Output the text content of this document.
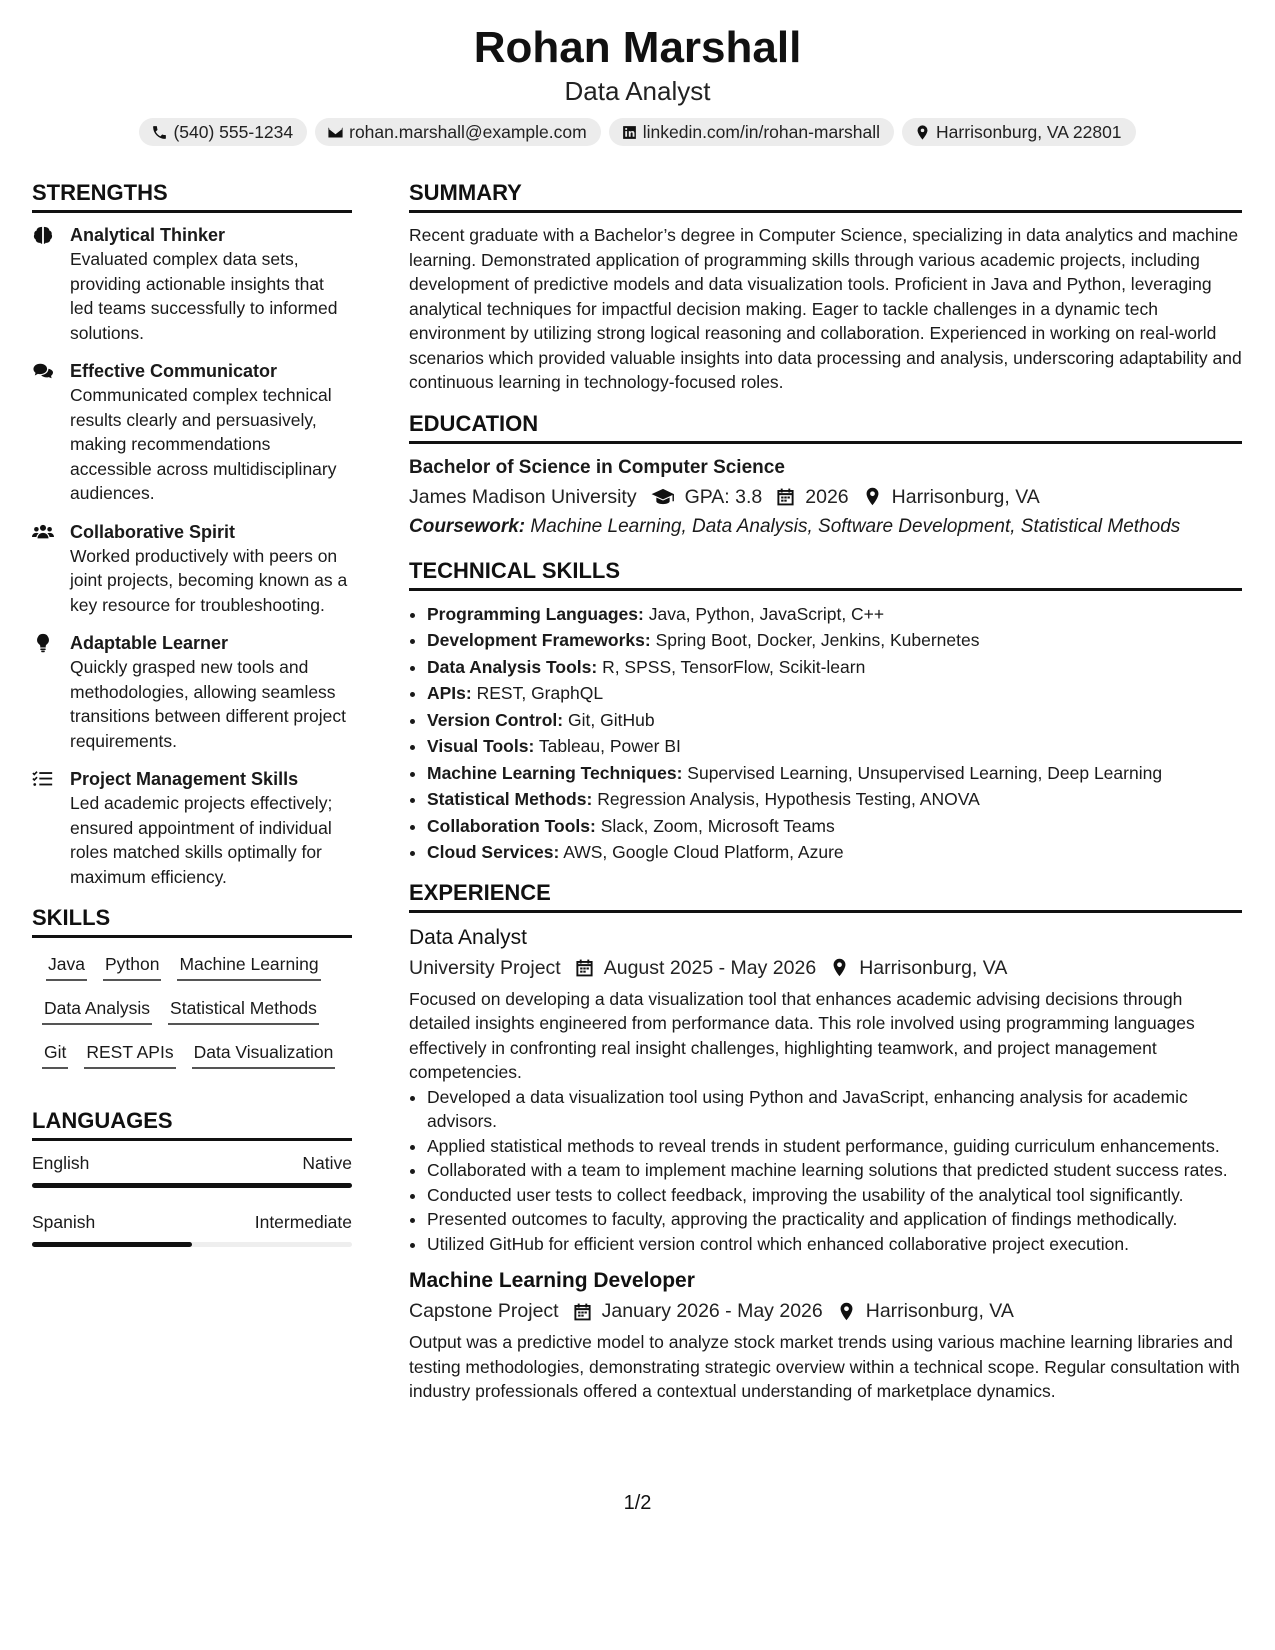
Rohan Marshall
Data Analyst
(540) 555-1234	rohan.marshall@example.com	linkedin.com/in/rohan-marshall	Harrisonburg, VA 22801
STRENGTHS
Analytical Thinker
Evaluated complex data sets, providing actionable insights that led teams successfully to informed solutions.
Effective Communicator
Communicated complex technical results clearly and persuasively, making recommendations accessible across multidisciplinary audiences.
Collaborative Spirit
Worked productively with peers on joint projects, becoming known as a key resource for troubleshooting.
Adaptable Learner
Quickly grasped new tools and methodologies, allowing seamless transitions between different project requirements.
Project Management Skills
Led academic projects effectively; ensured appointment of individual roles matched skills optimally for maximum efficiency.
SKILLS
Java Python Machine Learning
Data Analysis Statistical Methods
Git REST APIs Data Visualization
LANGUAGES
English	Native
Spanish	Intermediate
SUMMARY
Recent graduate with a Bachelor’s degree in Computer Science, specializing in data analytics and machine learning. Demonstrated application of programming skills through various academic projects, including development of predictive models and data visualization tools. Proficient in Java and Python, leveraging analytical techniques for impactful decision making. Eager to tackle challenges in a dynamic tech environment by utilizing strong logical reasoning and collaboration. Experienced in working on real-world scenarios which provided valuable insights into data processing and analysis, underscoring adaptability and continuous learning in technology-focused roles.
EDUCATION
Bachelor of Science in Computer Science
James Madison University GPA: 3.8 2026 Harrisonburg, VA
Coursework: Machine Learning, Data Analysis, Software Development, Statistical Methods
TECHNICAL SKILLS
• Programming Languages: Java, Python, JavaScript, C++
• Development Frameworks: Spring Boot, Docker, Jenkins, Kubernetes
• Data Analysis Tools: R, SPSS, TensorFlow, Scikit-learn
• APIs: REST, GraphQL
• Version Control: Git, GitHub
• Visual Tools: Tableau, Power BI
• Machine Learning Techniques: Supervised Learning, Unsupervised Learning, Deep Learning
• Statistical Methods: Regression Analysis, Hypothesis Testing, ANOVA
• Collaboration Tools: Slack, Zoom, Microsoft Teams
• Cloud Services: AWS, Google Cloud Platform, Azure
EXPERIENCE
Data Analyst
University Project August 2025 - May 2026 Harrisonburg, VA
Focused on developing a data visualization tool that enhances academic advising decisions through detailed insights engineered from performance data. This role involved using programming languages effectively in confronting real insight challenges, highlighting teamwork, and project management competencies.
• Developed a data visualization tool using Python and JavaScript, enhancing analysis for academic advisors.
• Applied statistical methods to reveal trends in student performance, guiding curriculum enhancements.
• Collaborated with a team to implement machine learning solutions that predicted student success rates.
• Conducted user tests to collect feedback, improving the usability of the analytical tool significantly.
• Presented outcomes to faculty, approving the practicality and application of findings methodically.
• Utilized GitHub for efficient version control which enhanced collaborative project execution.
Machine Learning Developer
Capstone Project January 2026 - May 2026 Harrisonburg, VA
Output was a predictive model to analyze stock market trends using various machine learning libraries and testing methodologies, demonstrating strategic overview within a technical scope. Regular consultation with industry professionals offered a contextual understanding of marketplace dynamics.
1/2
